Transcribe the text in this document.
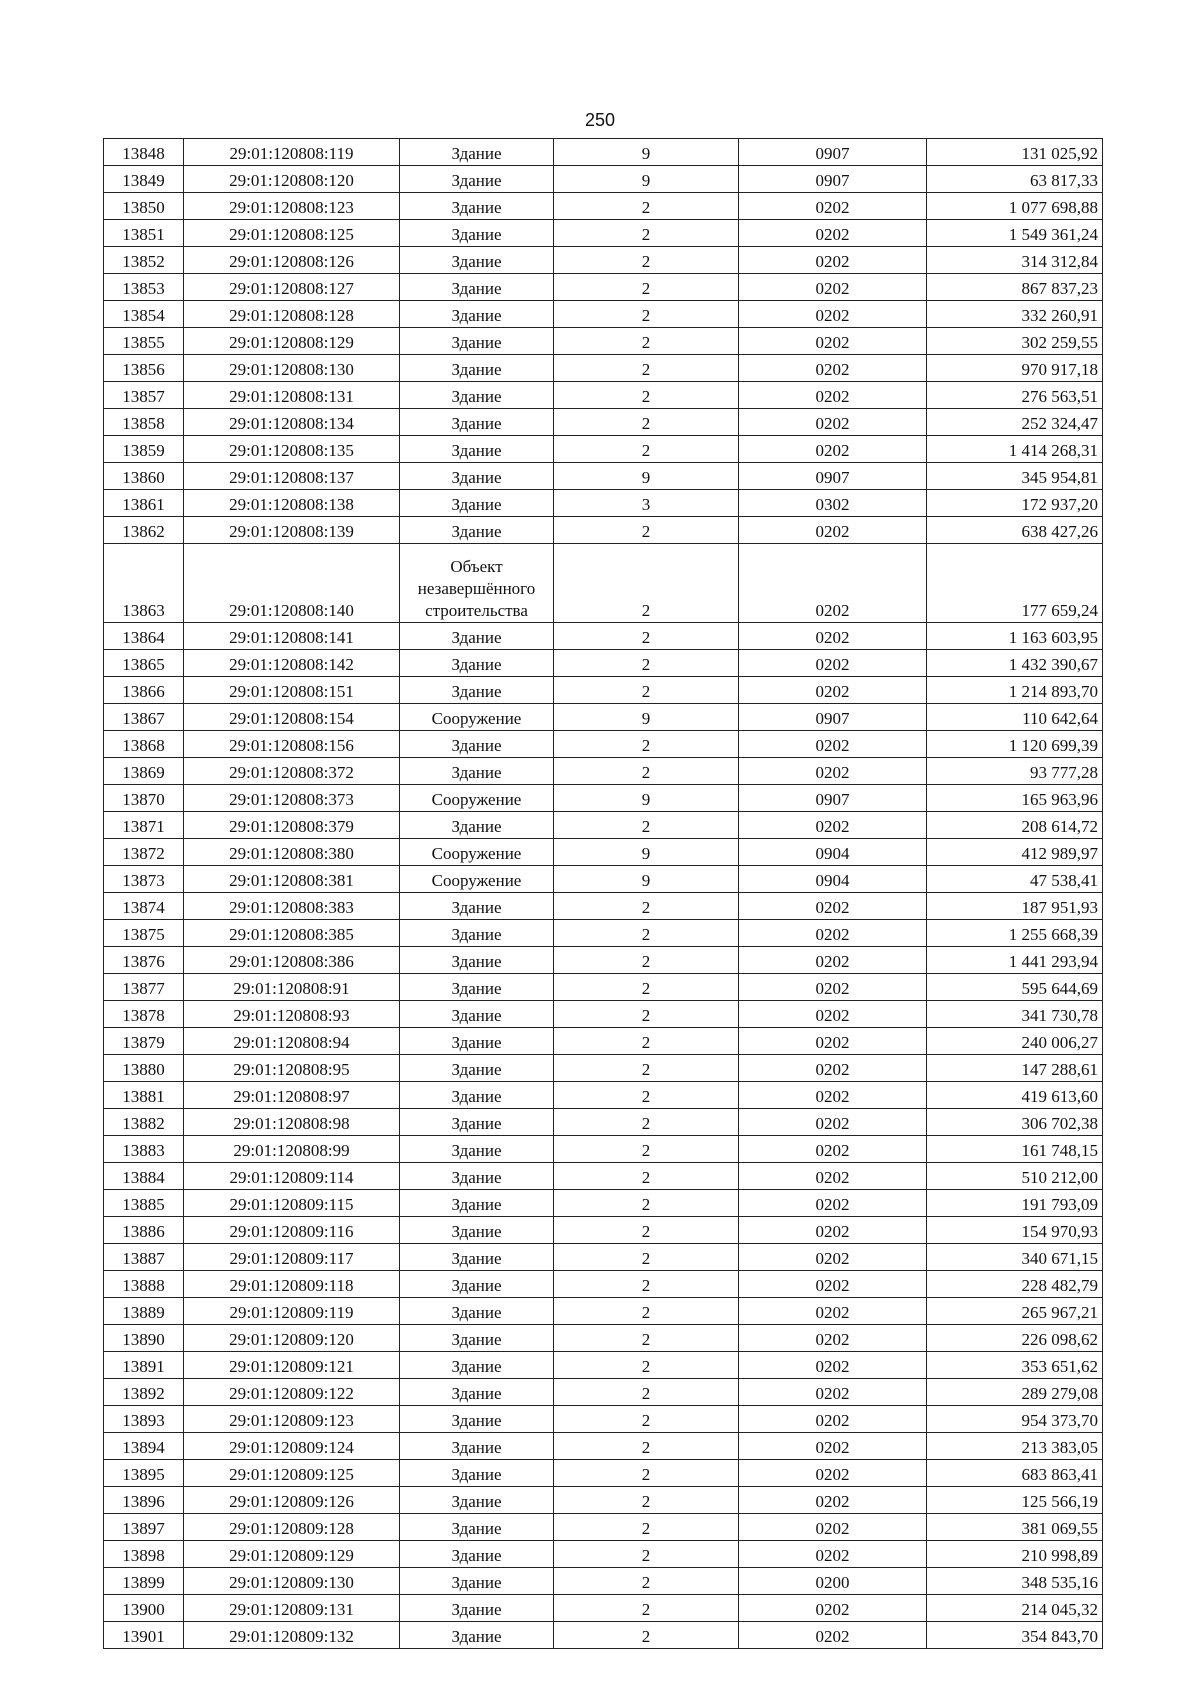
250
13848	29:01:120808:119	Здание	9	0907	131 025,92
13849	29:01:120808:120	Здание	9	0907	63 817,33
13850	29:01:120808:123	Здание	2	0202	1 077 698,88
13851	29:01:120808:125	Здание	2	0202	1 549 361,24
13852	29:01:120808:126	Здание	2	0202	314 312,84
13853	29:01:120808:127	Здание	2	0202	867 837,23
13854	29:01:120808:128	Здание	2	0202	332 260,91
13855	29:01:120808:129	Здание	2	0202	302 259,55
13856	29:01:120808:130	Здание	2	0202	970 917,18
13857	29:01:120808:131	Здание	2	0202	276 563,51
13858	29:01:120808:134	Здание	2	0202	252 324,47
13859	29:01:120808:135	Здание	2	0202	1 414 268,31
13860	29:01:120808:137	Здание	9	0907	345 954,81
13861	29:01:120808:138	Здание	3	0302	172 937,20
13862	29:01:120808:139	Здание	2	0202	638 427,26
13863	29:01:120808:140	Объект незавершённого строительства	2	0202	177 659,24
13864	29:01:120808:141	Здание	2	0202	1 163 603,95
13865	29:01:120808:142	Здание	2	0202	1 432 390,67
13866	29:01:120808:151	Здание	2	0202	1 214 893,70
13867	29:01:120808:154	Сооружение	9	0907	110 642,64
13868	29:01:120808:156	Здание	2	0202	1 120 699,39
13869	29:01:120808:372	Здание	2	0202	93 777,28
13870	29:01:120808:373	Сооружение	9	0907	165 963,96
13871	29:01:120808:379	Здание	2	0202	208 614,72
13872	29:01:120808:380	Сооружение	9	0904	412 989,97
13873	29:01:120808:381	Сооружение	9	0904	47 538,41
13874	29:01:120808:383	Здание	2	0202	187 951,93
13875	29:01:120808:385	Здание	2	0202	1 255 668,39
13876	29:01:120808:386	Здание	2	0202	1 441 293,94
13877	29:01:120808:91	Здание	2	0202	595 644,69
13878	29:01:120808:93	Здание	2	0202	341 730,78
13879	29:01:120808:94	Здание	2	0202	240 006,27
13880	29:01:120808:95	Здание	2	0202	147 288,61
13881	29:01:120808:97	Здание	2	0202	419 613,60
13882	29:01:120808:98	Здание	2	0202	306 702,38
13883	29:01:120808:99	Здание	2	0202	161 748,15
13884	29:01:120809:114	Здание	2	0202	510 212,00
13885	29:01:120809:115	Здание	2	0202	191 793,09
13886	29:01:120809:116	Здание	2	0202	154 970,93
13887	29:01:120809:117	Здание	2	0202	340 671,15
13888	29:01:120809:118	Здание	2	0202	228 482,79
13889	29:01:120809:119	Здание	2	0202	265 967,21
13890	29:01:120809:120	Здание	2	0202	226 098,62
13891	29:01:120809:121	Здание	2	0202	353 651,62
13892	29:01:120809:122	Здание	2	0202	289 279,08
13893	29:01:120809:123	Здание	2	0202	954 373,70
13894	29:01:120809:124	Здание	2	0202	213 383,05
13895	29:01:120809:125	Здание	2	0202	683 863,41
13896	29:01:120809:126	Здание	2	0202	125 566,19
13897	29:01:120809:128	Здание	2	0202	381 069,55
13898	29:01:120809:129	Здание	2	0202	210 998,89
13899	29:01:120809:130	Здание	2	0200	348 535,16
13900	29:01:120809:131	Здание	2	0202	214 045,32
13901	29:01:120809:132	Здание	2	0202	354 843,70
